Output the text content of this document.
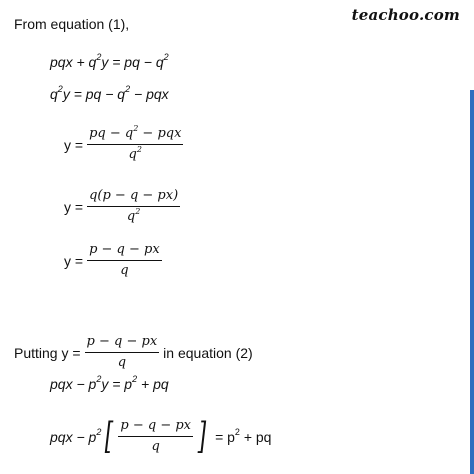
teachoo.com
From equation (1),
pqx + $q^2y$ = pq − $q^2$
$q^2y$ = pq − $q^2$ − pqx
$y = \frac{pq - q^2 - pqx}{q^2}$
$y = \frac{q(p - q - px)}{q^2}$
$y = \frac{p - q - px}{q}$
Putting $y = \frac{p - q - px}{q}$ in equation (2)
pqx − $p^2y = p^2$ + pq
pqx − $p^2$ [ $\frac{p - q - px}{q}$ ] = $p^2$ + pq
